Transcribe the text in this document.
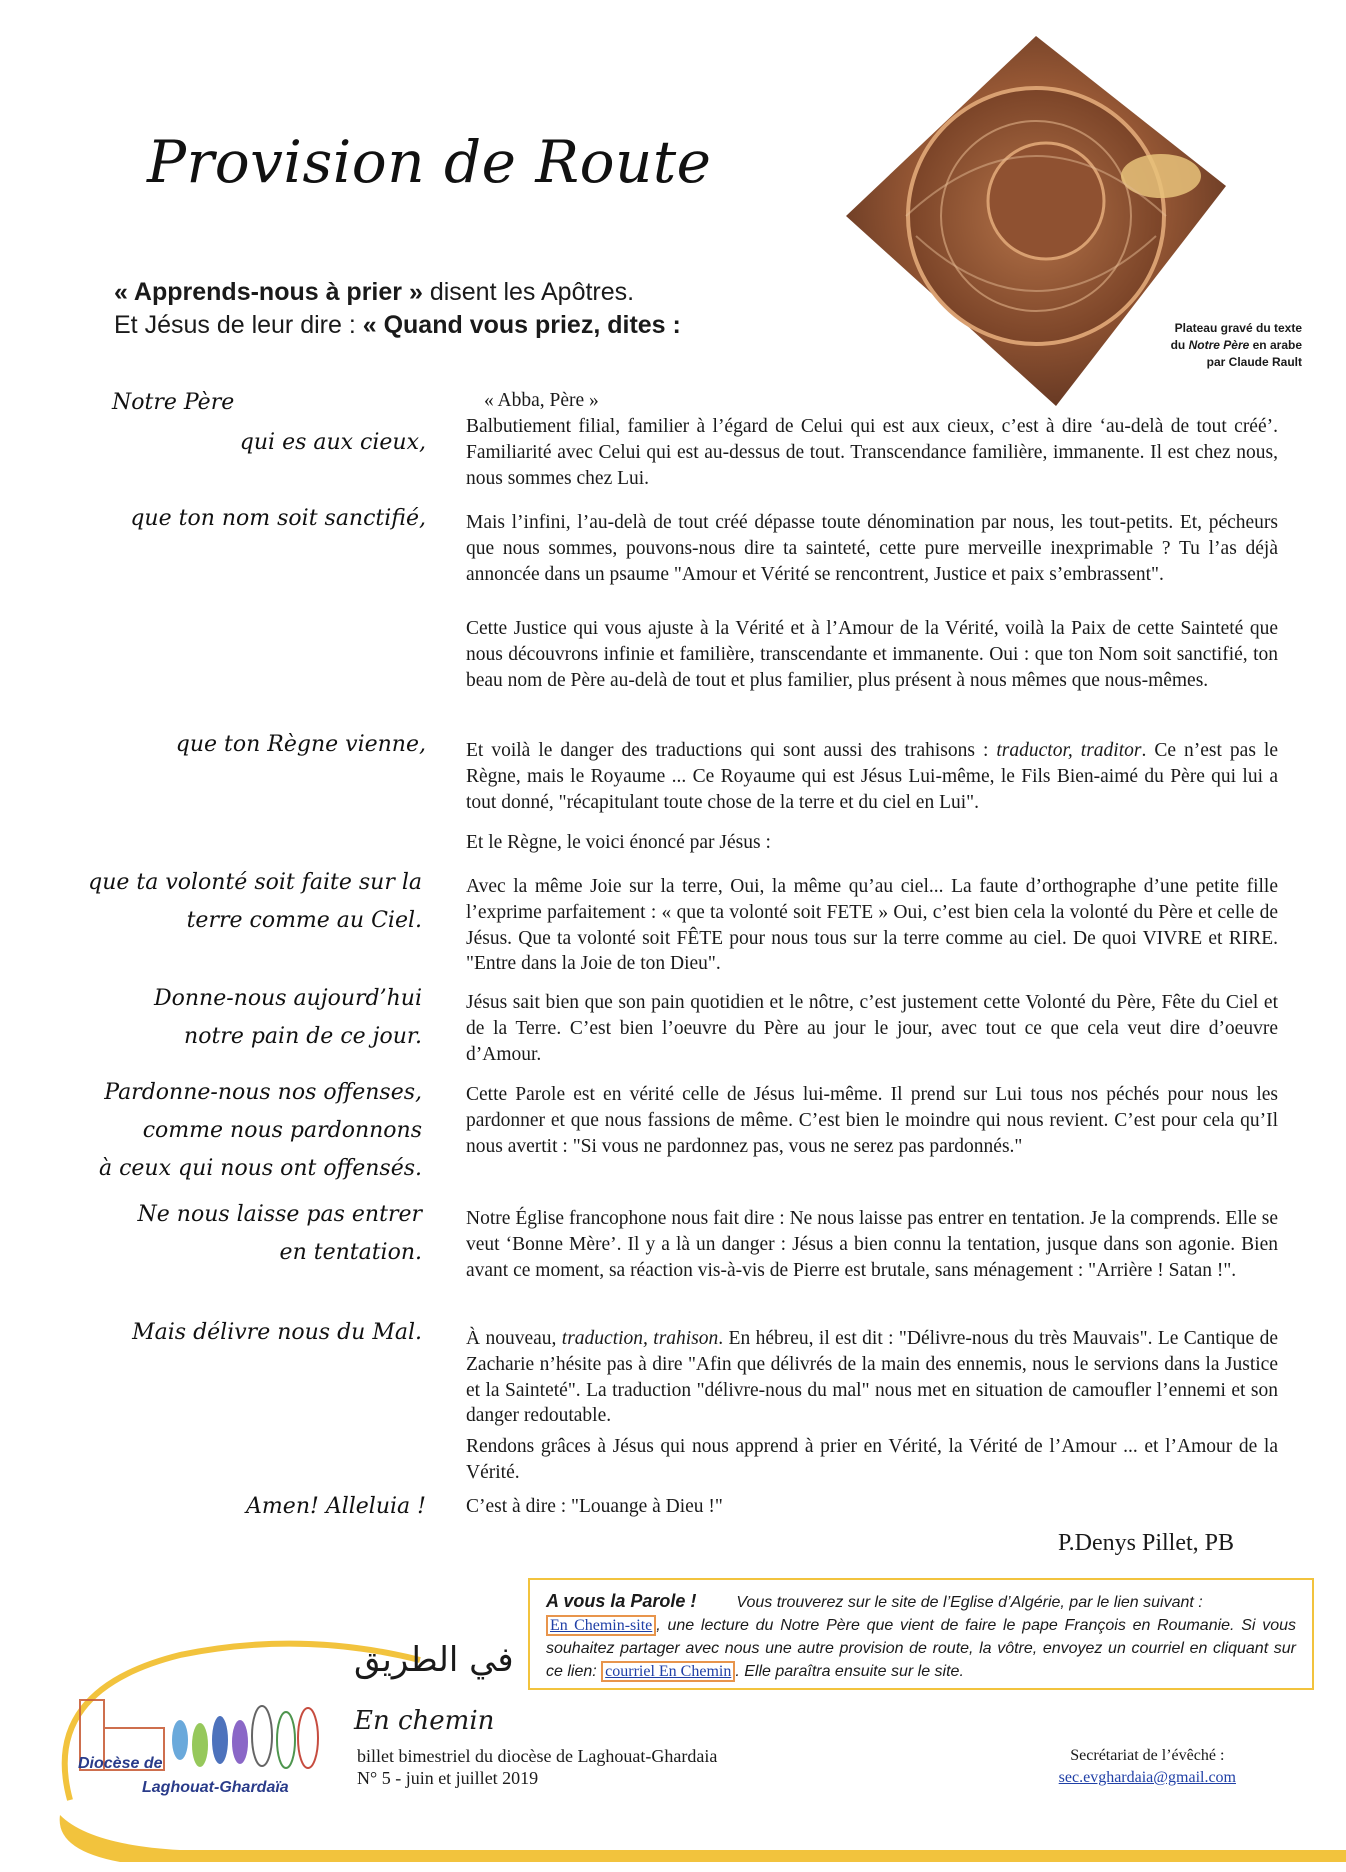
Provision de Route
« Apprends-nous à prier » disent les Apôtres.
Et Jésus de leur dire : « Quand vous priez, dites :	Plateau gravé du texte
du Notre Père en arabe
par Claude Rault
Notre Père
qui es aux cieux,
que ton nom soit sanctifié,
que ton Règne vienne,
que ta volonté soit faite sur la
terre comme au Ciel.
Donne-nous aujourd’hui
notre pain de ce jour.
Pardonne-nous nos offenses,
comme nous pardonnons
à ceux qui nous ont offensés.
Ne nous laisse pas entrer
en tentation.
Mais délivre nous du Mal.
Amen! Alleluia !
« Abba, Père »
Balbutiement filial, familier à l’égard de Celui qui est aux cieux, c’est à dire ‘au-delà de tout créé’. Familiarité avec Celui qui est au-dessus de tout. Transcendance familière, immanente. Il est chez nous, nous sommes chez Lui.
Mais l’infini, l’au-delà de tout créé dépasse toute dénomination par nous, les tout-petits. Et, pécheurs que nous sommes, pouvons-nous dire ta sainteté, cette pure merveille inexprimable ? Tu l’as déjà annoncée dans un psaume "Amour et Vérité se rencontrent, Justice et paix s’embrassent".
Cette Justice qui vous ajuste à la Vérité et à l’Amour de la Vérité, voilà la Paix de cette Sainteté que nous découvrons infinie et familière, transcendante et immanente. Oui : que ton Nom soit sanctifié, ton beau nom de Père au-delà de tout et plus familier, plus présent à nous mêmes que nous-mêmes.
Et voilà le danger des traductions qui sont aussi des trahisons : traductor, traditor. Ce n’est pas le Règne, mais le Royaume ... Ce Royaume qui est Jésus Lui-même, le Fils Bien-aimé du Père qui lui a tout donné, "récapitulant toute chose de la terre et du ciel en Lui".
Et le Règne, le voici énoncé par Jésus :
Avec la même Joie sur la terre, Oui, la même qu’au ciel... La faute d’orthographe d’une petite fille l’exprime parfaitement : « que ta volonté soit FETE » Oui, c’est bien cela la volonté du Père et celle de Jésus. Que ta volonté soit FÊTE pour nous tous sur la terre comme au ciel. De quoi VIVRE et RIRE. "Entre dans la Joie de ton Dieu".
Jésus sait bien que son pain quotidien et le nôtre, c’est justement cette Volonté du Père, Fête du Ciel et de la Terre. C’est bien l’oeuvre du Père au jour le jour, avec tout ce que cela veut dire d’oeuvre d’Amour.
Cette Parole est en vérité celle de Jésus lui-même. Il prend sur Lui tous nos péchés pour nous les pardonner et que nous fassions de même. C’est bien le moindre qui nous revient. C’est pour cela qu’Il nous avertit : "Si vous ne pardonnez pas, vous ne serez pas pardonnés."
Notre Église francophone nous fait dire : Ne nous laisse pas entrer en tentation. Je la comprends. Elle se veut ‘Bonne Mère’. Il y a là un danger : Jésus a bien connu la tentation, jusque dans son agonie. Bien avant ce moment, sa réaction vis-à-vis de Pierre est brutale, sans ménagement : "Arrière ! Satan !".
À nouveau, traduction, trahison. En hébreu, il est dit : "Délivre-nous du très Mauvais". Le Cantique de Zacharie n’hésite pas à dire "Afin que délivrés de la main des ennemis, nous le servions dans la Justice et la Sainteté". La traduction "délivre-nous du mal" nous met en situation de camoufler l’ennemi et son danger redoutable.
Rendons grâces à Jésus qui nous apprend à prier en Vérité, la Vérité de l’Amour ... et l’Amour de la Vérité.
C’est à dire : "Louange à Dieu !"
P.Denys Pillet, PB
Diocèse de
Laghouat-Ghardaïa
A vous la Parole !	Vous trouverez sur le site de l’Eglise d’Algérie, par le lien suivant :
En Chemin-site , une lecture du Notre Père que vient de faire le pape François en Roumanie. Si vous souhaitez partager avec nous une autre provision de route, la vôtre, envoyez un courriel en cliquant sur ce lien: courriel En Chemin . Elle paraîtra ensuite sur le site.
في الطريق
En chemin
billet bimestriel du diocèse de Laghouat-Ghardaia
N° 5 - juin et juillet 2019
Secrétariat de l’évêché :
sec.evghardaia@gmail.com
